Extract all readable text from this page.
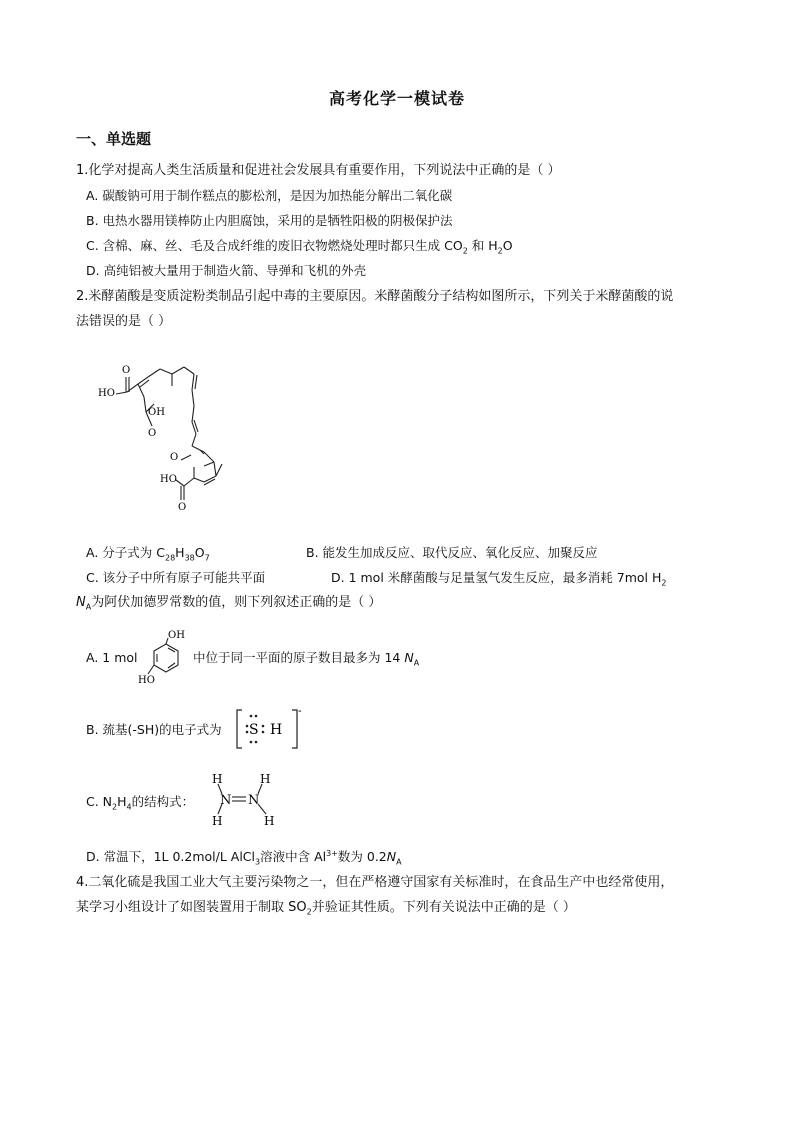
高考化学一模试卷
一、单选题
1.化学对提高人类生活质量和促进社会发展具有重要作用，下列说法中正确的是（ ）
A. 碳酸钠可用于制作糕点的膨松剂，是因为加热能分解出二氧化碳
B. 电热水器用镁棒防止内胆腐蚀，采用的是牺牲阳极的阴极保护法
C. 含棉、麻、丝、毛及合成纤维的废旧衣物燃烧处理时都只生成 $CO_2$ 和 $H_2O$
D. 高纯铝被大量用于制造火箭、导弹和飞机的外壳
2.米酵菌酸是变质淀粉类制品引起中毒的主要原因。米酵菌酸分子结构如图所示，下列关于米酵菌酸的说
法错误的是（ ）
HO
O
OH
O
O
HO
O
A. 分子式为 $C_{28}H_{38}O_7$	B. 能发生加成反应、取代反应、氧化反应、加聚反应
C. 该分子中所有原子可能共平面	D. 1 mol 米酵菌酸与足量氢气发生反应，最多消耗 7mol $H_2$
$N_A$为阿伏加德罗常数的值，则下列叙述正确的是（ ）
A. 1 mol
OH
HO
中位于同一平面的原子数目最多为 14 $N_A$
B. 巯基(-SH)的电子式为 S H
-
C. $N_2H_4$的结构式： N N
H	H
H	H
D. 常温下，1L 0.2mol/L AlCl$_3$溶液中含 $Al^{3+}$数为 $0.2N_A$
4.二氧化硫是我国工业大气主要污染物之一，但在严格遵守国家有关标准时，在食品生产中也经常使用，
某学习小组设计了如图装置用于制取 $SO_2$并验证其性质。下列有关说法中正确的是（ ）
